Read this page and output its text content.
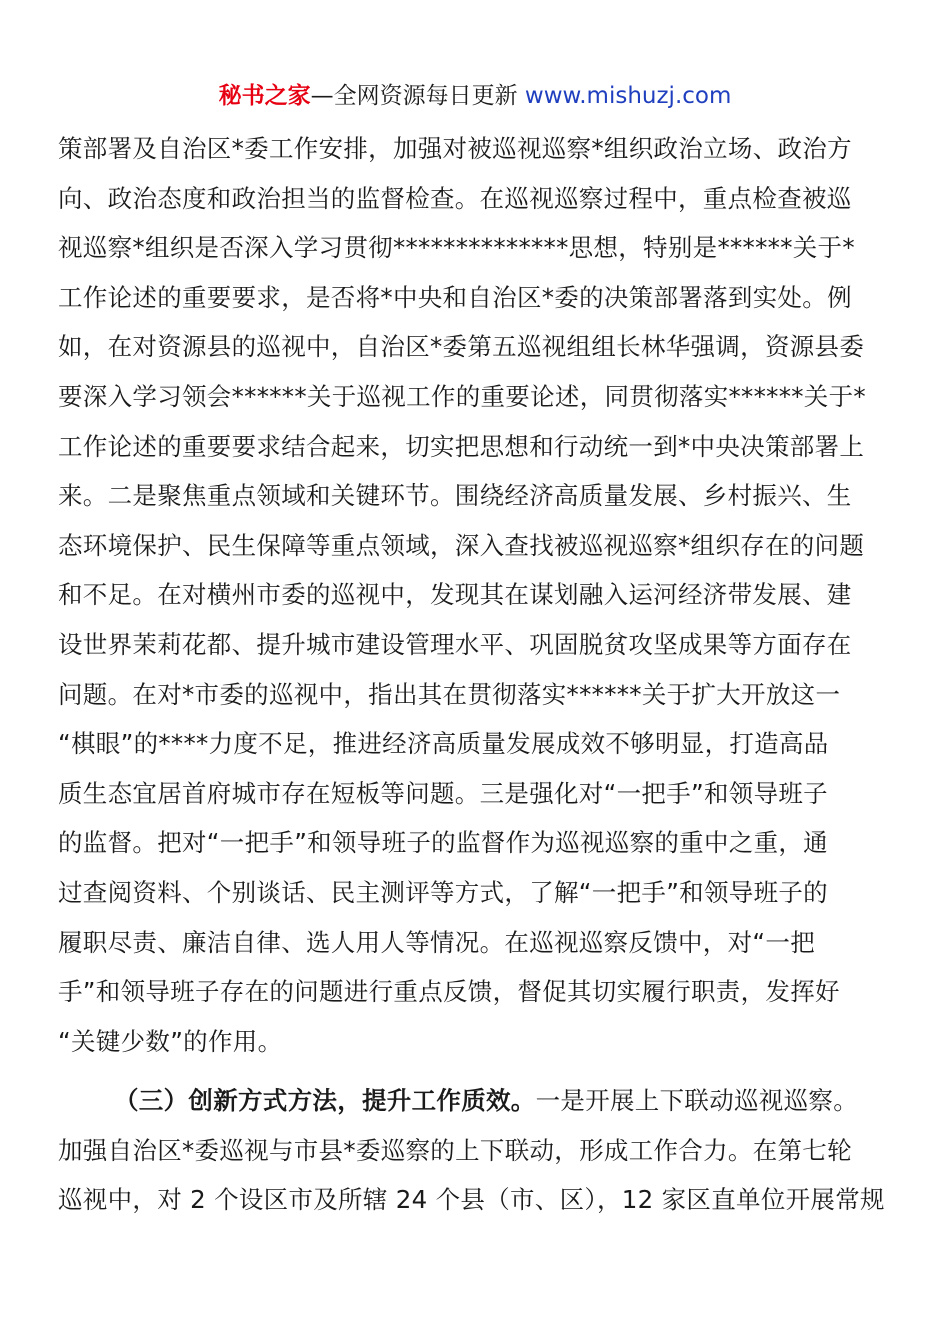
秘书之家—全网资源每日更新 www.mishuzj.com
策部署及自治区*委工作安排，加强对被巡视巡察*组织政治立场、政治方
向、政治态度和政治担当的监督检查。在巡视巡察过程中，重点检查被巡
视巡察*组织是否深入学习贯彻**************思想，特别是******关于*
工作论述的重要要求，是否将*中央和自治区*委的决策部署落到实处。例
如，在对资源县的巡视中，自治区*委第五巡视组组长林华强调，资源县委
要深入学习领会******关于巡视工作的重要论述，同贯彻落实******关于*
工作论述的重要要求结合起来，切实把思想和行动统一到*中央决策部署上
来。二是聚焦重点领域和关键环节。围绕经济高质量发展、乡村振兴、生
态环境保护、民生保障等重点领域，深入查找被巡视巡察*组织存在的问题
和不足。在对横州市委的巡视中，发现其在谋划融入运河经济带发展、建
设世界茉莉花都、提升城市建设管理水平、巩固脱贫攻坚成果等方面存在
问题。在对*市委的巡视中，指出其在贯彻落实******关于扩大开放这一
“棋眼”的****力度不足，推进经济高质量发展成效不够明显，打造高品
质生态宜居首府城市存在短板等问题。三是强化对“一把手”和领导班子
的监督。把对“一把手”和领导班子的监督作为巡视巡察的重中之重，通
过查阅资料、个别谈话、民主测评等方式，了解“一把手”和领导班子的
履职尽责、廉洁自律、选人用人等情况。在巡视巡察反馈中，对“一把
手”和领导班子存在的问题进行重点反馈，督促其切实履行职责，发挥好
“关键少数”的作用。
（三）创新方式方法，提升工作质效。一是开展上下联动巡视巡察。
加强自治区*委巡视与市县*委巡察的上下联动，形成工作合力。在第七轮
巡视中，对 2 个设区市及所辖 24 个县（市、区），12 家区直单位开展常规
